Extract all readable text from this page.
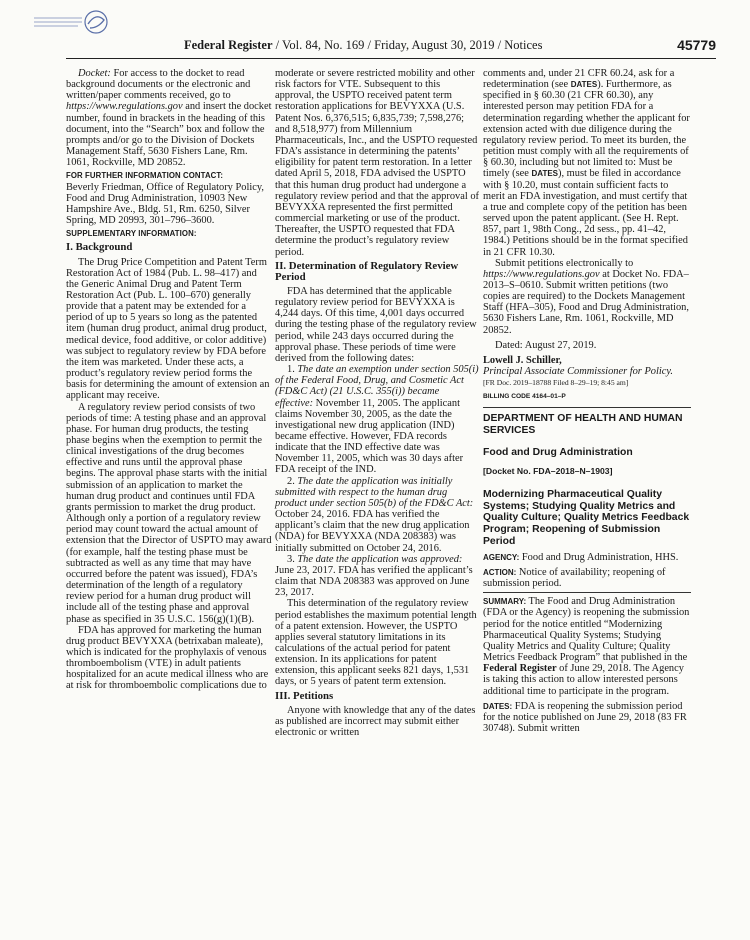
Federal Register / Vol. 84, No. 169 / Friday, August 30, 2019 / Notices	45779

Docket: For access to the docket to read background documents or the electronic and written/paper comments received, go to https://www.regulations.gov and insert the docket number, found in brackets in the heading of this document, into the “Search” box and follow the prompts and/or go to the Division of Dockets Management Staff, 5630 Fishers Lane, Rm. 1061, Rockville, MD 20852.

FOR FURTHER INFORMATION CONTACT:

Beverly Friedman, Office of Regulatory Policy, Food and Drug Administration, 10903 New Hampshire Ave., Bldg. 51, Rm. 6250, Silver Spring, MD 20993, 301–796–3600.

SUPPLEMENTARY INFORMATION:
I. Background

The Drug Price Competition and Patent Term Restoration Act of 1984 (Pub. L. 98–417) and the Generic Animal Drug and Patent Term Restoration Act (Pub. L. 100–670) generally provide that a patent may be extended for a period of up to 5 years so long as the patented item (human drug product, animal drug product, medical device, food additive, or color additive) was subject to regulatory review by FDA before the item was marketed. Under these acts, a product’s regulatory review period forms the basis for determining the amount of extension an applicant may receive.

A regulatory review period consists of two periods of time: A testing phase and an approval phase. For human drug products, the testing phase begins when the exemption to permit the clinical investigations of the drug becomes effective and runs until the approval phase begins. The approval phase starts with the initial submission of an application to market the human drug product and continues until FDA grants permission to market the drug product. Although only a portion of a regulatory review period may count toward the actual amount of extension that the Director of USPTO may award (for example, half the testing phase must be subtracted as well as any time that may have occurred before the patent was issued), FDA’s determination of the length of a regulatory review period for a human drug product will include all of the testing phase and approval phase as specified in 35 U.S.C. 156(g)(1)(B).

FDA has approved for marketing the human drug product BEVYXXA (betrixaban maleate), which is indicated for the prophylaxis of venous thromboembolism (VTE) in adult patients hospitalized for an acute medical illness who are at risk for thromboembolic complications due to

moderate or severe restricted mobility and other risk factors for VTE. Subsequent to this approval, the USPTO received patent term restoration applications for BEVYXXA (U.S. Patent Nos. 6,376,515; 6,835,739; 7,598,276; and 8,518,977) from Millennium Pharmaceuticals, Inc., and the USPTO requested FDA’s assistance in determining the patents’ eligibility for patent term restoration. In a letter dated April 5, 2018, FDA advised the USPTO that this human drug product had undergone a regulatory review period and that the approval of BEVYXXA represented the first permitted commercial marketing or use of the product. Thereafter, the USPTO requested that FDA determine the product’s regulatory review period.

II. Determination of Regulatory Review Period

FDA has determined that the applicable regulatory review period for BEVYXXA is 4,244 days. Of this time, 4,001 days occurred during the testing phase of the regulatory review period, while 243 days occurred during the approval phase. These periods of time were derived from the following dates:

1. The date an exemption under section 505(i) of the Federal Food, Drug, and Cosmetic Act (FD&C Act) (21 U.S.C. 355(i)) became effective: November 11, 2005. The applicant claims November 30, 2005, as the date the investigational new drug application (IND) became effective. However, FDA records indicate that the IND effective date was November 11, 2005, which was 30 days after FDA receipt of the IND.

2. The date the application was initially submitted with respect to the human drug product under section 505(b) of the FD&C Act: October 24, 2016. FDA has verified the applicant’s claim that the new drug application (NDA) for BEVYXXA (NDA 208383) was initially submitted on October 24, 2016.

3. The date the application was approved: June 23, 2017. FDA has verified the applicant’s claim that NDA 208383 was approved on June 23, 2017.

This determination of the regulatory review period establishes the maximum potential length of a patent extension. However, the USPTO applies several statutory limitations in its calculations of the actual period for patent extension. In its applications for patent extension, this applicant seeks 821 days, 1,531 days, or 5 years of patent term extension.

III. Petitions

Anyone with knowledge that any of the dates as published are incorrect may submit either electronic or written

comments and, under 21 CFR 60.24, ask for a redetermination (see DATES). Furthermore, as specified in § 60.30 (21 CFR 60.30), any interested person may petition FDA for a determination regarding whether the applicant for extension acted with due diligence during the regulatory review period. To meet its burden, the petition must comply with all the requirements of § 60.30, including but not limited to: Must be timely (see DATES), must be filed in accordance with § 10.20, must contain sufficient facts to merit an FDA investigation, and must certify that a true and complete copy of the petition has been served upon the patent applicant. (See H. Rept. 857, part 1, 98th Cong., 2d sess., pp. 41–42, 1984.) Petitions should be in the format specified in 21 CFR 10.30.

Submit petitions electronically to https://www.regulations.gov at Docket No. FDA–2013–S–0610. Submit written petitions (two copies are required) to the Dockets Management Staff (HFA–305), Food and Drug Administration, 5630 Fishers Lane, Rm. 1061, Rockville, MD 20852.

Dated: August 27, 2019.

Lowell J. Schiller,

Principal Associate Commissioner for Policy.

[FR Doc. 2019–18788 Filed 8–29–19; 8:45 am]

BILLING CODE 4164–01–P
DEPARTMENT OF HEALTH AND HUMAN SERVICES
Food and Drug Administration
[Docket No. FDA–2018–N–1903]
Modernizing Pharmaceutical Quality Systems; Studying Quality Metrics and Quality Culture; Quality Metrics Feedback Program; Reopening of Submission Period

AGENCY: Food and Drug Administration, HHS.

ACTION: Notice of availability; reopening of submission period.

SUMMARY: The Food and Drug Administration (FDA or the Agency) is reopening the submission period for the notice entitled “Modernizing Pharmaceutical Quality Systems; Studying Quality Metrics and Quality Culture; Quality Metrics Feedback Program” that published in the Federal Register of June 29, 2018. The Agency is taking this action to allow interested persons additional time to participate in the program.

DATES: FDA is reopening the submission period for the notice published on June 29, 2018 (83 FR 30748). Submit written
